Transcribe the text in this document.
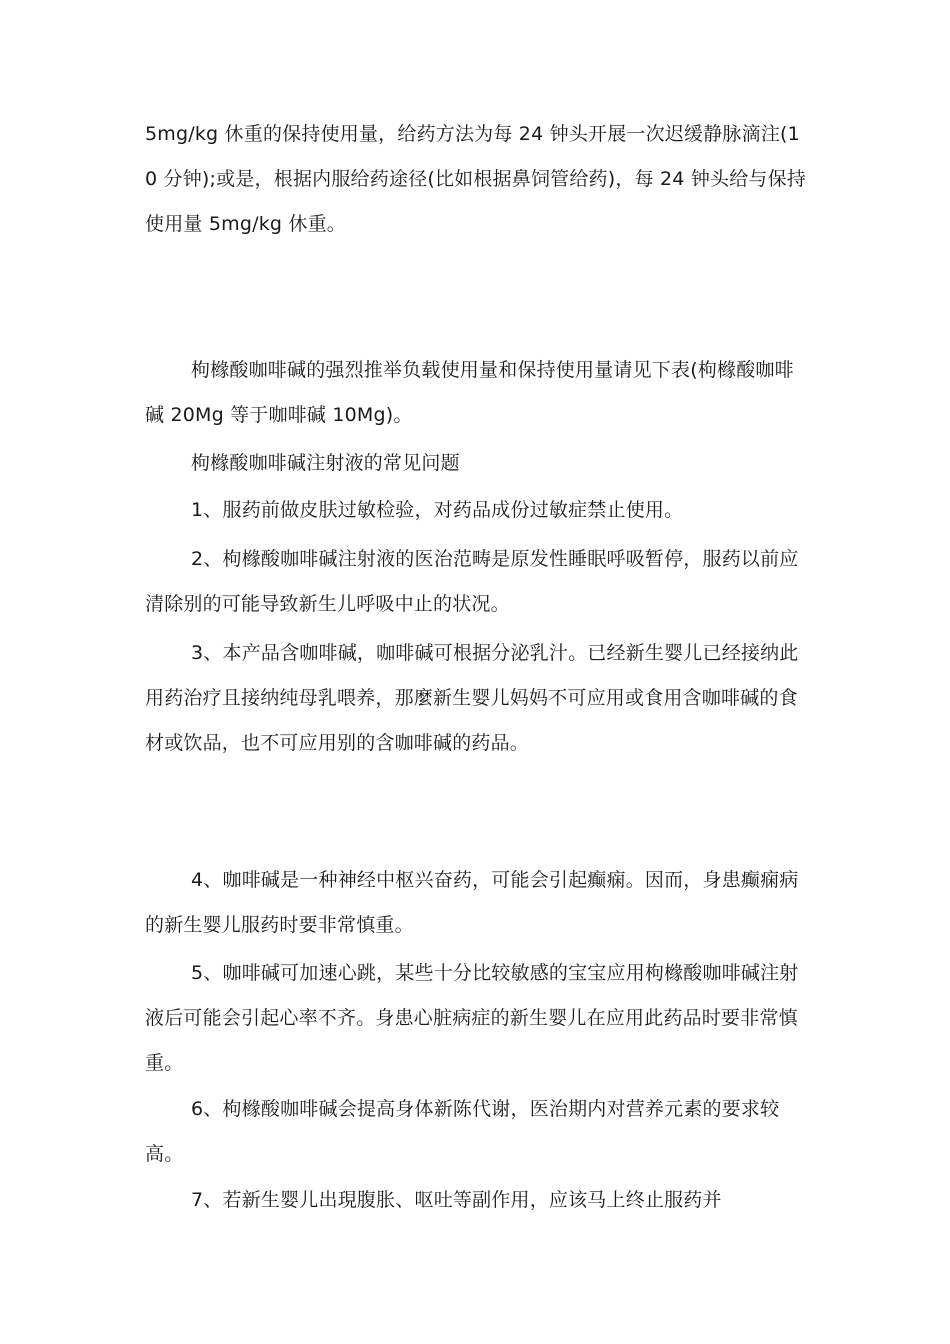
5mg/kg 休重的保持使用量，给药方法为每 24 钟头开展一次迟缓静脉滴注(10 分钟);或是，根据内服给药途径(比如根据鼻饲管给药)，每 24 钟头给与保持使用量 5mg/kg 休重。

枸橼酸咖啡碱的强烈推举负载使用量和保持使用量请见下表(枸橼酸咖啡碱 20Mg 等于咖啡碱 10Mg)。

枸橼酸咖啡碱注射液的常见问题

1、服药前做皮肤过敏检验，对药品成份过敏症禁止使用。

2、枸橼酸咖啡碱注射液的医治范畴是原发性睡眠呼吸暂停，服药以前应清除别的可能导致新生儿呼吸中止的状况。

3、本产品含咖啡碱，咖啡碱可根据分泌乳汁。已经新生婴儿已经接纳此用药治疗且接纳纯母乳喂养，那麼新生婴儿妈妈不可应用或食用含咖啡碱的食材或饮品，也不可应用别的含咖啡碱的药品。

4、咖啡碱是一种神经中枢兴奋药，可能会引起癫痫。因而，身患癫痫病的新生婴儿服药时要非常慎重。

5、咖啡碱可加速心跳，某些十分比较敏感的宝宝应用枸橼酸咖啡碱注射液后可能会引起心率不齐。身患心脏病症的新生婴儿在应用此药品时要非常慎重。

6、枸橼酸咖啡碱会提高身体新陈代谢，医治期内对营养元素的要求较高。

7、若新生婴儿出現腹胀、呕吐等副作用，应该马上终止服药并
